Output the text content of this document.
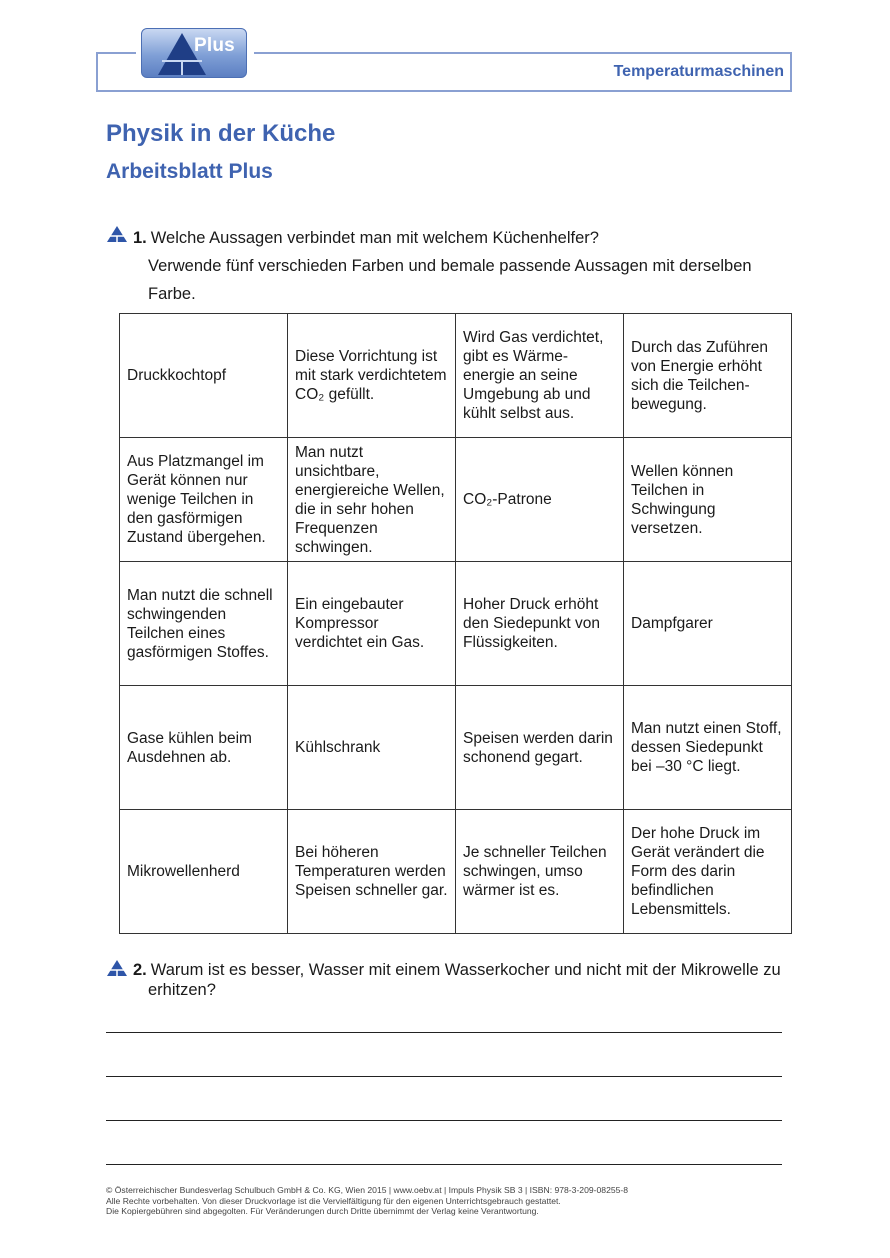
Plus
Temperaturmaschinen
Physik in der Küche
Arbeitsblatt Plus
1. Welche Aussagen verbindet man mit welchem Küchenhelfer?
Verwende fünf verschieden Farben und bemale passende Aussagen mit derselben
Farbe.
Druckkochtopf	Diese Vorrichtung ist mit stark verdichtetem CO₂ gefüllt.	Wird Gas verdichtet, gibt es Wärme-energie an seine Umgebung ab und kühlt selbst aus.	Durch das Zuführen von Energie erhöht sich die Teilchen-bewegung.
Aus Platzmangel im Gerät können nur wenige Teilchen in den gasförmigen Zustand übergehen.	Man nutzt unsichtbare, energiereiche Wellen, die in sehr hohen Frequenzen schwingen.	CO₂-Patrone	Wellen können Teilchen in Schwingung versetzen.
Man nutzt die schnell schwingenden Teilchen eines gasförmigen Stoffes.	Ein eingebauter Kompressor verdichtet ein Gas.	Hoher Druck erhöht den Siedepunkt von Flüssigkeiten.	Dampfgarer
Gase kühlen beim Ausdehnen ab.	Kühlschrank	Speisen werden darin schonend gegart.	Man nutzt einen Stoff, dessen Siedepunkt bei –30 °C liegt.
Mikrowellenherd	Bei höheren Temperaturen werden Speisen schneller gar.	Je schneller Teilchen schwingen, umso wärmer ist es.	Der hohe Druck im Gerät verändert die Form des darin befindlichen Lebensmittels.
2. Warum ist es besser, Wasser mit einem Wasserkocher und nicht mit der Mikrowelle zu
erhitzen?
© Österreichischer Bundesverlag Schulbuch GmbH & Co. KG, Wien 2015 | www.oebv.at | Impuls Physik SB 3 | ISBN: 978-3-209-08255-8
Alle Rechte vorbehalten. Von dieser Druckvorlage ist die Vervielfältigung für den eigenen Unterrichtsgebrauch gestattet.
Die Kopiergebühren sind abgegolten. Für Veränderungen durch Dritte übernimmt der Verlag keine Verantwortung.
